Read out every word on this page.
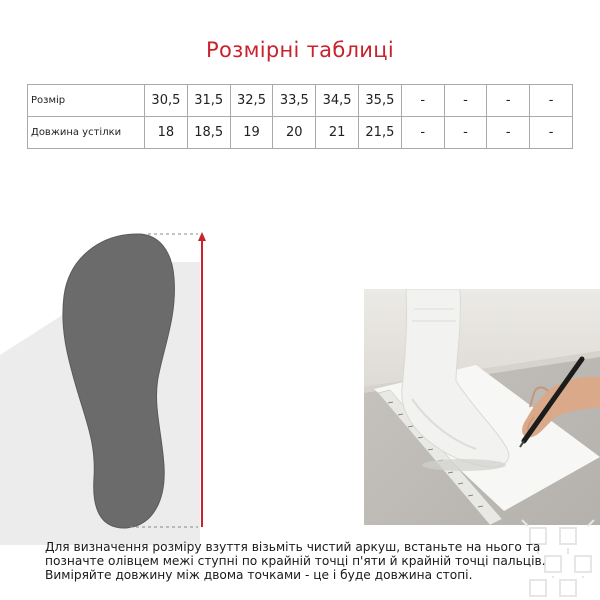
Розмірні таблиці
Розмір	30,5	31,5	32,5	33,5	34,5	35,5	-	-	-	-
Довжина устілки	18	18,5	19	20	21	21,5	-	-	-	-

Для визначення розміру взуття візьміть чистий аркуш, встаньте на нього та

позначте олівцем межі ступні по крайній точці п'яти й крайній точці пальців.

Виміряйте довжину між двома точками - це і буде довжина стопі.
